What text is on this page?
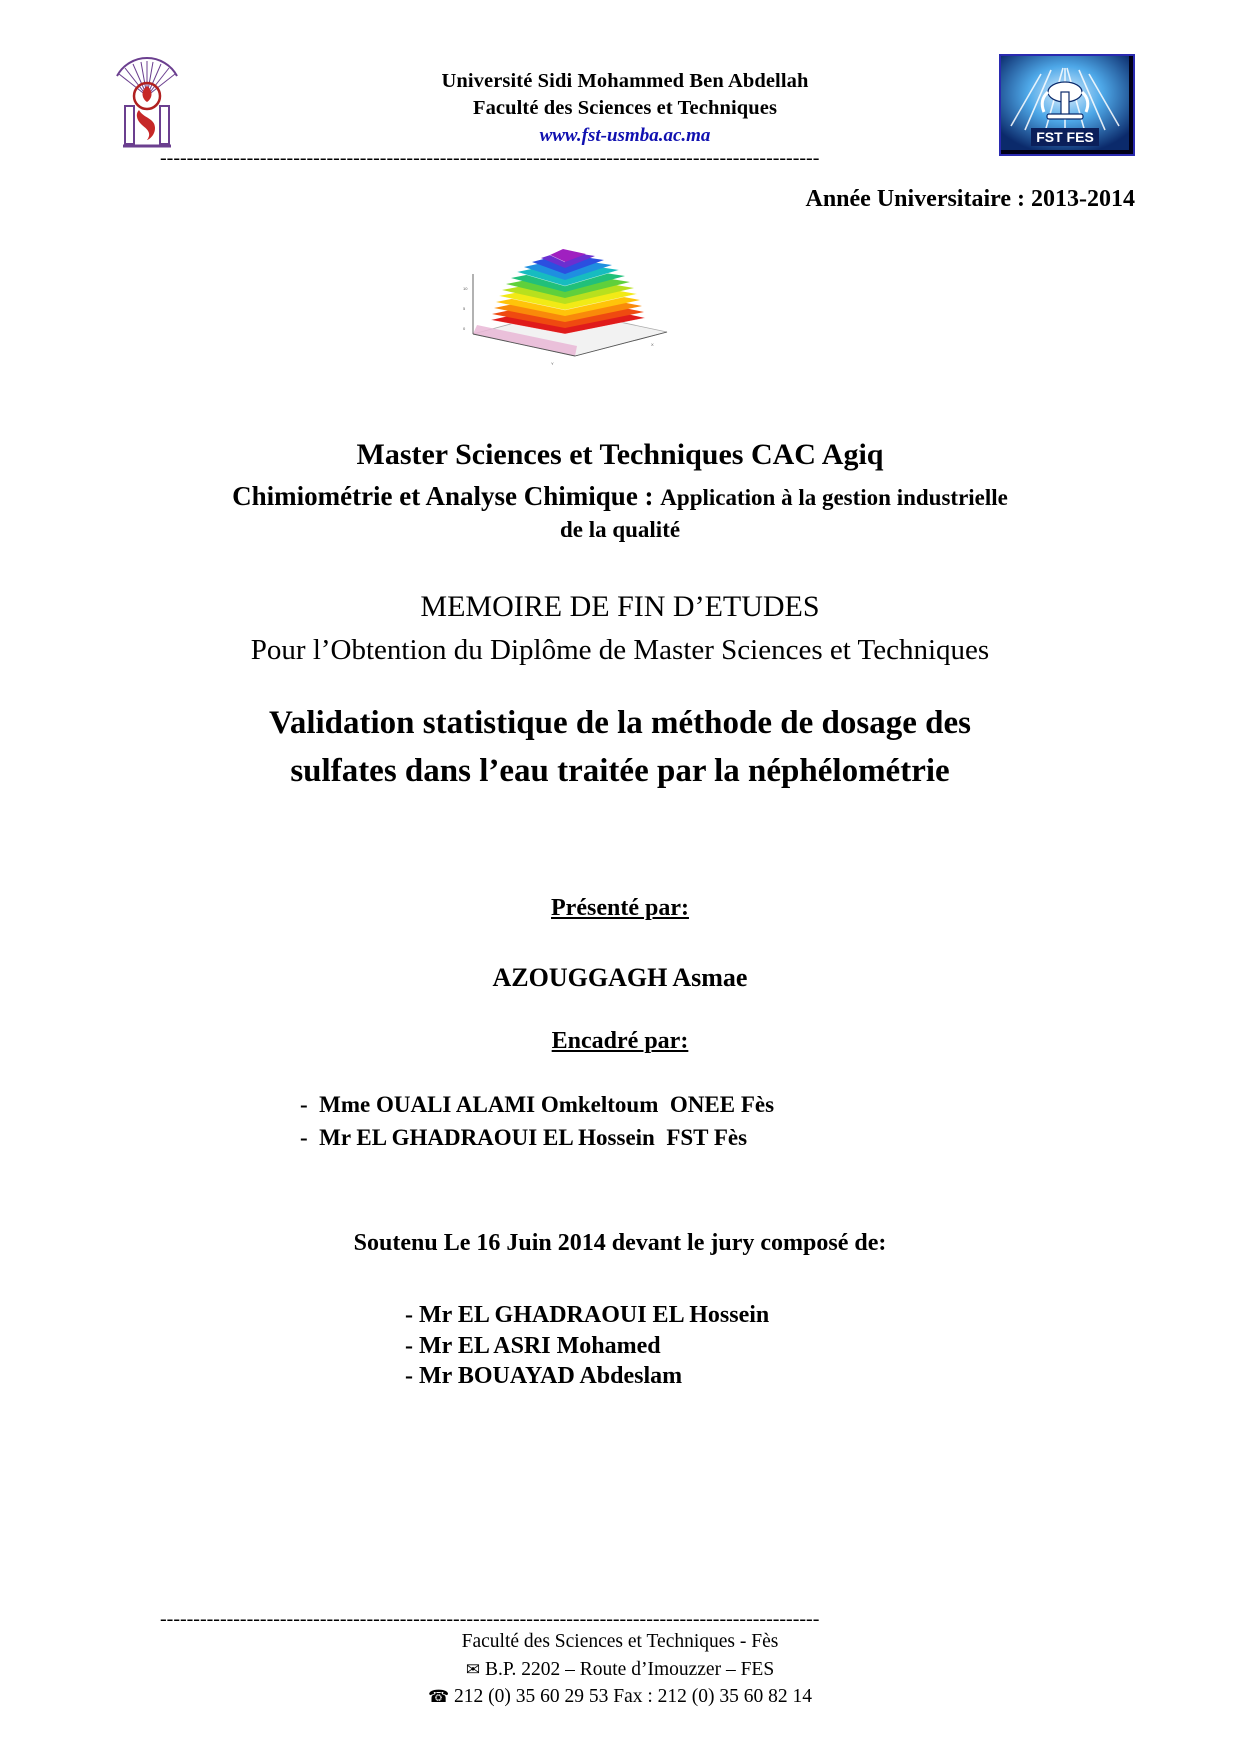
Université Sidi Mohammed Ben Abdellah
Faculté des Sciences et Techniques
www.fst-usmba.ac.ma	FST FES
---------------------------------------------------------------------------------------------------
Année Universitaire : 2013-2014
10
5
0
Y
X
Master Sciences et Techniques CAC Agiq
Chimiométrie et Analyse Chimique : Application à la gestion industrielle
de la qualité
MEMOIRE DE FIN D’ETUDES
Pour l’Obtention du Diplôme de Master Sciences et Techniques
Validation statistique de la méthode de dosage des
sulfates dans l’eau traitée par la néphélométrie
Présenté par:
AZOUGGAGH Asmae
Encadré par:
-  Mme OUALI ALAMI Omkeltoum  ONEE Fès
-  Mr EL GHADRAOUI EL Hossein  FST Fès
Soutenu Le 16 Juin 2014 devant le jury composé de:
- Mr EL GHADRAOUI EL Hossein
- Mr EL ASRI Mohamed
- Mr BOUAYAD Abdeslam
---------------------------------------------------------------------------------------------------
Faculté des Sciences et Techniques - Fès
✉ B.P. 2202 – Route d’Imouzzer – FES
☎ 212 (0) 35 60 29 53 Fax : 212 (0) 35 60 82 14
